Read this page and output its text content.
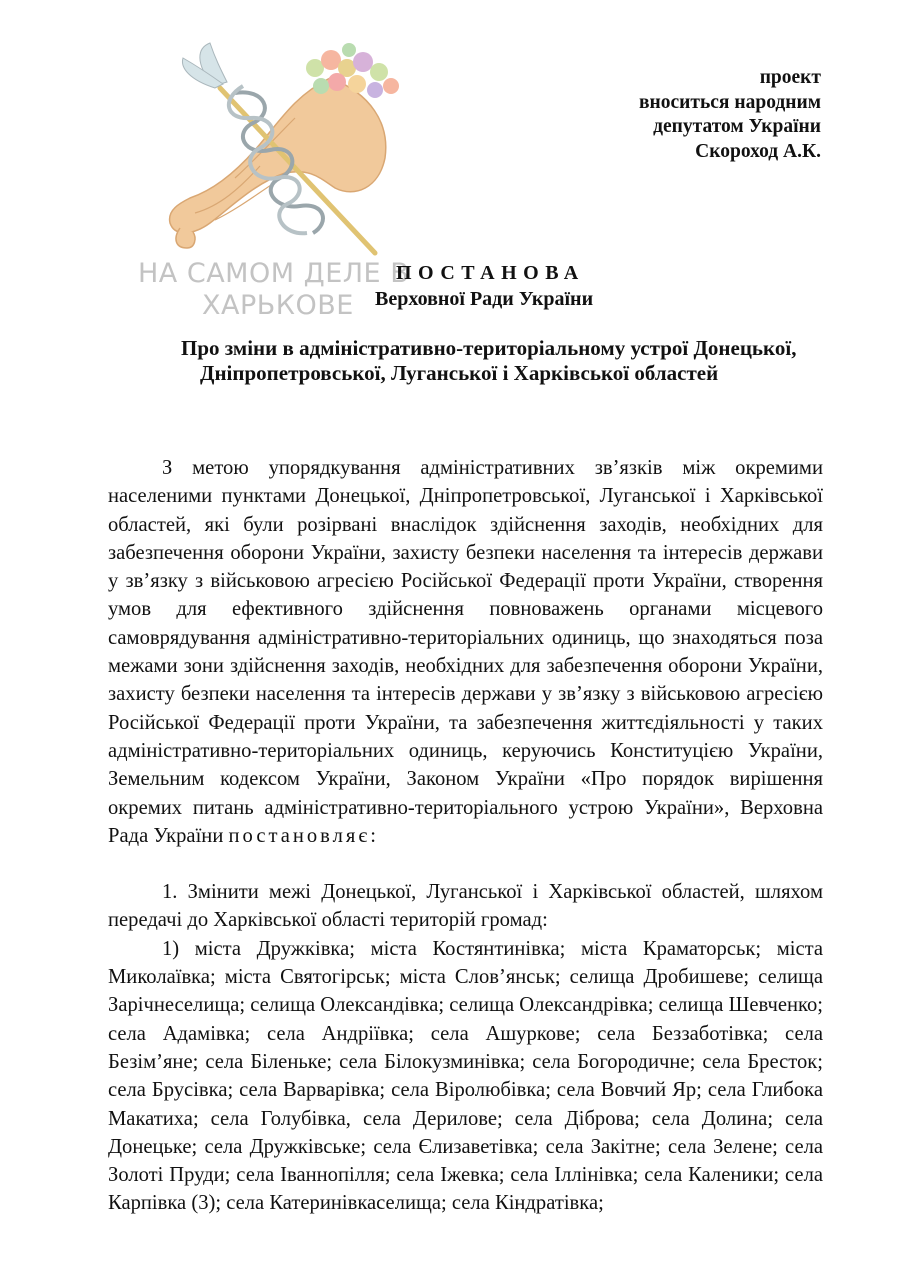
НА САМОМ ДЕЛЕ В
ХАРЬКОВЕ
проект
вноситься народним
депутатом України
Скороход А.К.
ПОСТАНОВА
Верховної Ради України
Про зміни в адміністративно-територіальному устрої Донецької,
Дніпропетровської, Луганської і Харківської областей

З метою упорядкування адміністративних зв’язків між окремими населеними пунктами Донецької, Дніпропетровської, Луганської і Харківської областей, які були розірвані внаслідок здійснення заходів, необхідних для забезпечення оборони України, захисту безпеки населення та інтересів держави у зв’язку з військовою агресією Російської Федерації проти України, створення умов для ефективного здійснення повноважень органами місцевого самоврядування адміністративно-територіальних одиниць, що знаходяться поза межами зони здійснення заходів, необхідних для забезпечення оборони України, захисту безпеки населення та інтересів держави у зв’язку з військовою агресією Російської Федерації проти України, та забезпечення життєдіяльності у таких адміністративно-територіальних одиниць, керуючись Конституцією України, Земельним кодексом України, Законом України «Про порядок вирішення окремих питань адміністративно-територіального устрою України», Верховна Рада України постановляє:

1. Змінити межі Донецької, Луганської і Харківської областей, шляхом передачі до Харківської області територій громад:

1) міста Дружківка; міста Костянтинівка; міста Краматорськ; міста Миколаївка; міста Святогірськ; міста Слов’янськ; селища Дробишеве; селища Зарічнеселища; селища Олександівка; селища Олександрівка; селища Шевченко; села Адамівка; села Андріївка; села Ашуркове; села Беззаботівка; села Безім’яне; села Біленьке; села Білокузминівка; села Богородичне; села Бресток; села Брусівка; села Варварівка; села Віролюбівка; села Вовчий Яр; села Глибока Макатиха; села Голубівка, села Дерилове; села Діброва; села Долина; села Донецьке; села Дружківське; села Єлизаветівка; села Закітне; села Зелене; села Золоті Пруди; села Іваннопілля; села Іжевка; села Іллінівка; села Каленики; села Карпівка (3); села Катеринівкаселища; села Кіндратівка;
